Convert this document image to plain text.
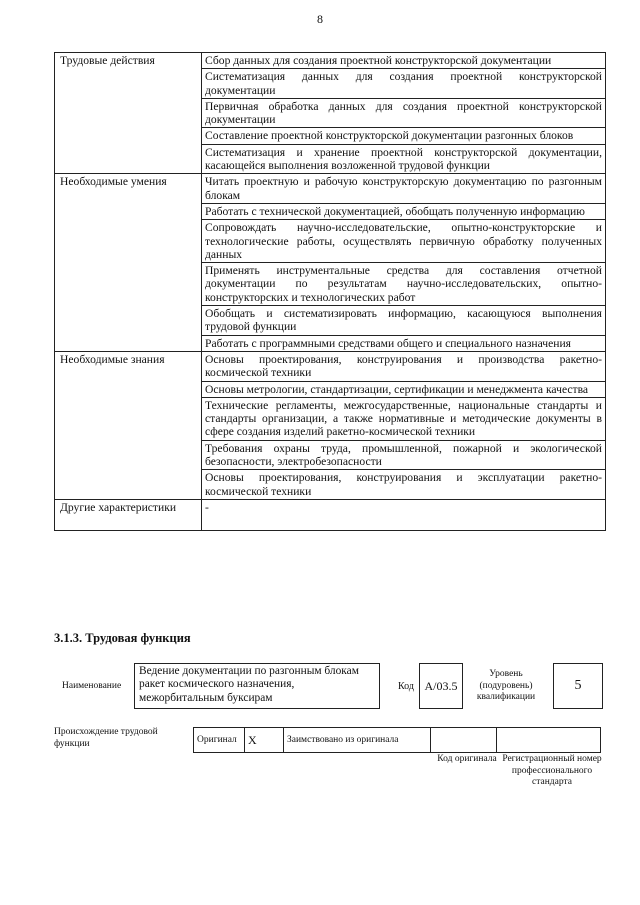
8
Трудовые действия	Сбор данных для создания проектной конструкторской документации
	Систематизация данных для создания проектной конструкторской документации
	Первичная обработка данных для создания проектной конструкторской документации
	Составление проектной конструкторской документации разгонных блоков
	Систематизация и хранение проектной конструкторской документации, касающейся выполнения возложенной трудовой функции
Необходимые умения	Читать проектную и рабочую конструкторскую документацию по разгонным блокам
	Работать с технической документацией, обобщать полученную информацию
	Сопровождать научно-исследовательские, опытно-конструкторские и технологические работы, осуществлять первичную обработку полученных данных
	Применять инструментальные средства для составления отчетной документации по результатам научно-исследовательских, опытно-конструкторских и технологических работ
	Обобщать и систематизировать информацию, касающуюся выполнения трудовой функции
	Работать с программными средствами общего и специального назначения
Необходимые знания	Основы проектирования, конструирования и производства ракетно-космической техники
	Основы метрологии, стандартизации, сертификации и менеджмента качества
	Технические регламенты, межгосударственные, национальные стандарты и стандарты организации, а также нормативные и методические документы в сфере создания изделий ракетно-космической техники
	Требования охраны труда, промышленной, пожарной и экологической безопасности, электробезопасности
	Основы проектирования, конструирования и эксплуатации ракетно-космической техники
Другие характеристики	-
3.1.3. Трудовая функция
Наименование
Ведение документации по разгонным блокам ракет космического назначения, межорбитальным буксирам
Код A/03.5
Уровень (подуровень) квалификации
5
Происхождение трудовой функции	Оригинал	X	Заимствовано из оригинала		
Код оригинала Регистрационный номер профессионального стандарта
